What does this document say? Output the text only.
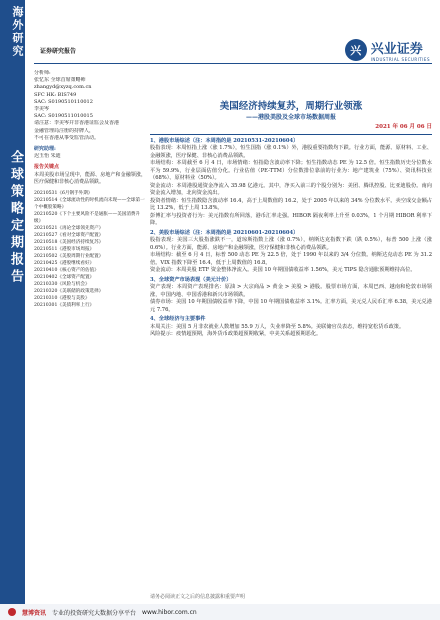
海外研究
全球策略定期报告
证券研究报告	兴 兴业证券
INDUSTRIAL SECURITIES
分析师:
张忆东 全球首席策略师
zhangyd@xyzq.com.cn
SFC HK: BIS749
SAC: S0190510110012
李美岑
SAC: S0190511010015
请注意：李美岑并非香港证监会及香港
金融管理局注册的持牌人，
不可在香港从事受监管活动。
研究助理:
迟玉怡 朱迪
报告关键点
本周美股市场呈现中，能源、房地产和金融领涨，医疗保健和非核心消费品领跌。
20210531《6月钢手外期》
20210514《全球流动性的时机流向未现——全球第一个中概股策略》
20210520《下个主要风险不是通胀——美国消费升级》
20210521《再论全球领先资产》
20210527《看对全球资产配置》
20210518《美国经济持续复苏》
20210511《港股市场周报》
20210502《美股周期行业配置》
20210425《港股继续看好》
20210410《核心资产的估值》
20210402《全球资产配置》
20210330《风险与机会》
20210320《美联储的政策选择》
20210310《港股与美股》
20210301《美债利率上行》
美国经济持续复苏，周期行业领涨
——港股美股及全球市场数据周报
2021 年 06 月 06 日
1、港股市场综述（注：本周指的是 20210531-20210604）
股指表现：本周恒指上涨（涨 1.7%），恒生国指（涨 0.1%）外，港股重要指数均下跌。行业方面，能源、原材料、工业、金融领涨，医疗保健、非核心消费品领跌。
市场结构：本周截至 6 月 4 日，市场情绪：恒指隐含波动率下降；恒生指数动态 PE 为 12.5 倍。恒生指数历史分位数水平为 59.9%，行业层面估值分化。行业估值（PE-TTM）分位数排位靠前的行业为：地产建筑业（75%）、资讯科技业（68%）、原材料业（50%）。
资金流动：本周港股通资金净流入 35.98 亿港元。其中，净买入前三的个股分别为：美团、腾讯控股、比亚迪股份。南向资金流入增加，北向资金流出。
投资者情绪：恒生指数隐含波动率 16.4，高于上周数值的 16.2，处于 2005 年以来的 34% 分位数水平。卖空成交金额占比 13.2%，低于上周 13.8%。
彭博汇率与投资者行为：美元指数有所回落，港币汇率走强。HIBOR 隔夜利率上升至 0.03%，1 个月期 HIBOR 利率下降。
2、美股市场综述（注：本周指的是 20210601-20210604）
股指表现：美国三大股指涨跌不一，道琼斯指数上涨（涨 0.7%），纳斯达克指数下跌（跌 0.5%），标普 500 上涨（涨 0.6%）。行业方面，能源、房地产和金融领涨，医疗保健和非核心消费品领跌。
市场结构：截至 6 月 4 日，标普 500 动态 PE 为 22.5 倍，处于 1990 年以来的 3/4 分位数。纳斯达克动态 PE 为 31.2 倍。VIX 指数下降至 16.4，低于上周数值的 16.8。
资金流动：本周美股 ETF 资金整体净流入。美国 10 年期国债收益率 1.56%，美元 TIPS 隐含通胀预期维持高位。
3、全球资产市场表现（美元计价）
资产表现：本周资产表现排名：原油 > 大宗商品 > 黄金 > 美股 > 港股。股票市场方面，本周巴西、越南和伦敦市场领涨，中国内地、中国香港和新兴市场领跌。
债券市场：美国 10 年期国债收益率下降，中国 10 年期国债收益率 3.1%。汇率方面，美元兑人民币汇率 6.38，美元兑港元 7.76。
4、全球经济与主要事件
本周关注：美国 5 月非农就业人数增加 55.9 万人，失业率降至 5.8%。美联储官员表态，维持宽松货币政策。
风险提示：疫情超预期，海外货币政策超预期收紧，中美关系超预期恶化。
请务必阅读正文之后的信息披露和重要声明
慧博资讯 专业的投资研究大数据分享平台 www.hibor.com.cn
